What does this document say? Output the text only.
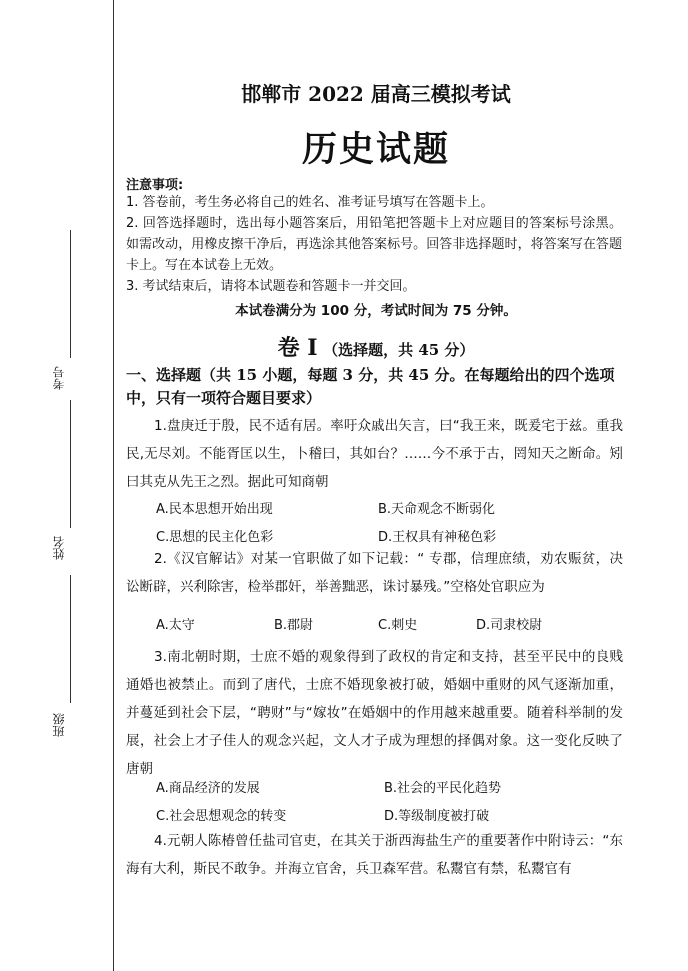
考号
姓名
班级
邯郸市 2022 届高三模拟考试
历史试题
注意事项:

1. 答卷前，考生务必将自己的姓名、准考证号填写在答题卡上。

2. 回答选择题时，选出每小题答案后，用铅笔把答题卡上对应题目的答案标号涂黑。如需改动，用橡皮擦干净后，再选涂其他答案标号。回答非选择题时，将答案写在答题卡上。写在本试卷上无效。

3. 考试结束后，请将本试题卷和答题卡一并交回。

本试卷满分为 100 分，考试时间为 75 分钟。
卷 Ⅰ （选择题，共 45 分）
一、选择题（共 15 小题，每题 3 分，共 45 分。在每题给出的四个选项中，只有一项符合题目要求）

1.盘庚迁于殷，民不适有居。率吁众戚出矢言，曰“我王来，既爰宅于兹。重我民,无尽刘。不能胥匡以生，卜稽曰，其如台？……今不承于古，罔知天之断命。矧曰其克从先王之烈。据此可知商朝

A.民本思想开始出现	B.天命观念不断弱化
C.思想的民主化色彩	D.王权具有神秘色彩

2.《汉官解诂》对某一官职做了如下记载：“ 专郡，信理庶绩，劝农赈贫，决讼断辟，兴利除害，检举郡奸，举善黜恶，诛讨暴残。”空格处官职应为

A.太守	B.郡尉	C.刺史	D.司隶校尉

3.南北朝时期，士庶不婚的观象得到了政权的肯定和支持，甚至平民中的良贱通婚也被禁止。而到了唐代，士庶不婚现象被打破，婚姻中重财的风气逐渐加重，并蔓延到社会下层，“聘财”与“嫁妆”在婚姻中的作用越来越重要。随着科举制的发展，社会上才子佳人的观念兴起，文人才子成为理想的择偶对象。这一变化反映了唐朝

A.商品经济的发展	B.社会的平民化趋势
C.社会思想观念的转变	D.等级制度被打破

4.元朝人陈椿曾任盐司官吏，在其关于浙西海盐生产的重要著作中附诗云：“东海有大利，斯民不敢争。并海立官舍，兵卫森军营。私鬻官有禁，私鬻官有
